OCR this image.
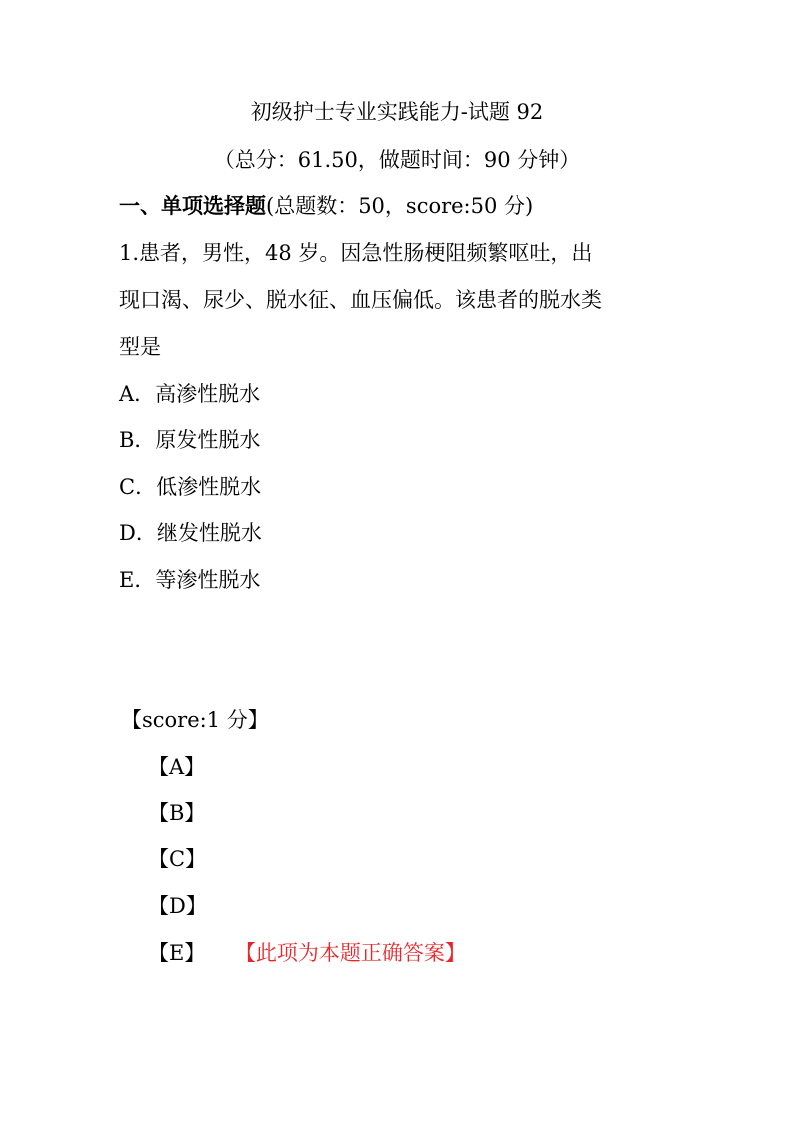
初级护士专业实践能力-试题 92
（总分：61.50，做题时间：90 分钟）
一、单项选择题(总题数：50，score:50 分)
1.患者，男性，48 岁。因急性肠梗阻频繁呕吐，出
现口渴、尿少、脱水征、血压偏低。该患者的脱水类
型是
A．高渗性脱水
B．原发性脱水
C．低渗性脱水
D．继发性脱水
E．等渗性脱水
【score:1 分】
【A】
【B】
【C】
【D】
【E】 【此项为本题正确答案】
